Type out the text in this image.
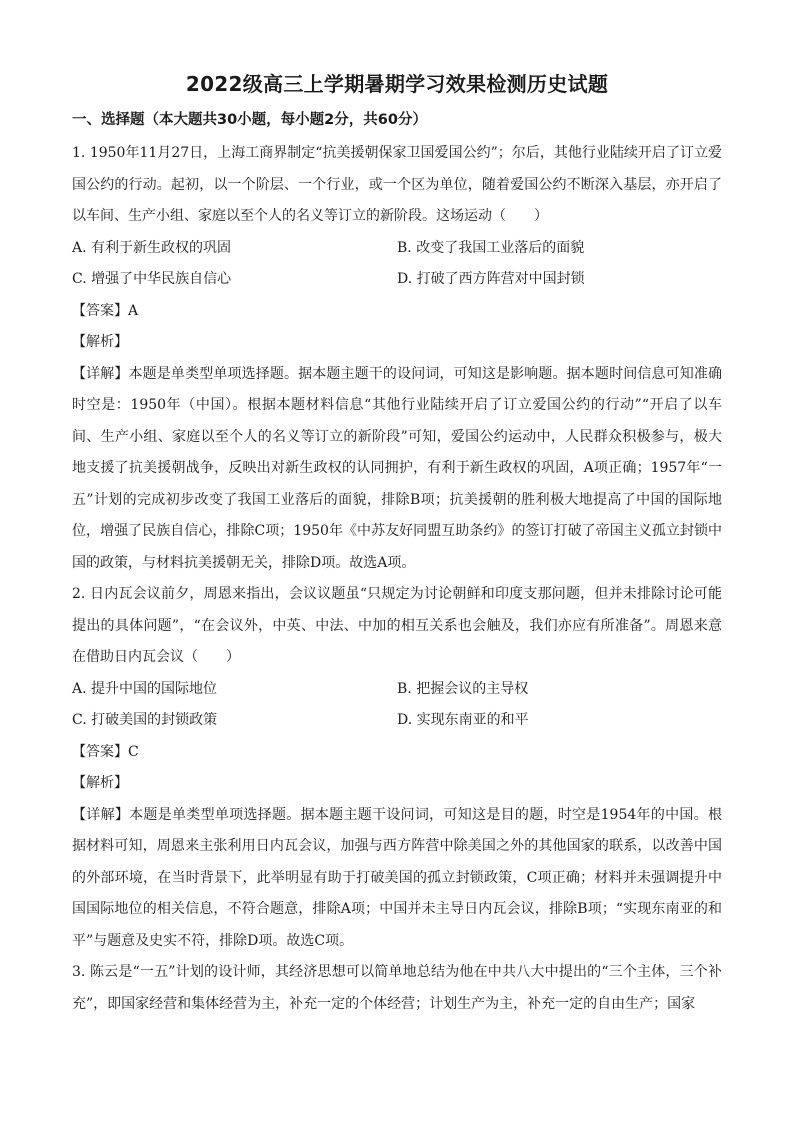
2022级高三上学期暑期学习效果检测历史试题
一、选择题（本大题共30小题，每小题2分，共60分）

1. 1950年11月27日，上海工商界制定“抗美援朝保家卫国爱国公约”；尔后，其他行业陆续开启了订立爱国公约的行动。起初，以一个阶层、一个行业，或一个区为单位，随着爱国公约不断深入基层，亦开启了以车间、生产小组、家庭以至个人的名义等订立的新阶段。这场运动（　　）

A. 有利于新生政权的巩固	B. 改变了我国工业落后的面貌
C. 增强了中华民族自信心	D. 打破了西方阵营对中国封锁

【答案】A

【解析】

【详解】本题是单类型单项选择题。据本题主题干的设问词，可知这是影响题。据本题时间信息可知准确时空是：1950年（中国）。根据本题材料信息“其他行业陆续开启了订立爱国公约的行动”“开启了以车间、生产小组、家庭以至个人的名义等订立的新阶段”可知，爱国公约运动中，人民群众积极参与，极大地支援了抗美援朝战争，反映出对新生政权的认同拥护，有利于新生政权的巩固，A项正确；1957年“一五”计划的完成初步改变了我国工业落后的面貌，排除B项；抗美援朝的胜利极大地提高了中国的国际地位，增强了民族自信心，排除C项；1950年《中苏友好同盟互助条约》的签订打破了帝国主义孤立封锁中国的政策，与材料抗美援朝无关，排除D项。故选A项。

2. 日内瓦会议前夕，周恩来指出，会议议题虽“只规定为讨论朝鲜和印度支那问题，但并未排除讨论可能提出的具体问题”，“在会议外，中英、中法、中加的相互关系也会触及，我们亦应有所准备”。周恩来意在借助日内瓦会议（　　）

A. 提升中国的国际地位	B. 把握会议的主导权
C. 打破美国的封锁政策	D. 实现东南亚的和平

【答案】C

【解析】

【详解】本题是单类型单项选择题。据本题主题干设问词，可知这是目的题，时空是1954年的中国。根据材料可知，周恩来主张利用日内瓦会议，加强与西方阵营中除美国之外的其他国家的联系，以改善中国的外部环境，在当时背景下，此举明显有助于打破美国的孤立封锁政策，C项正确；材料并未强调提升中国国际地位的相关信息，不符合题意，排除A项；中国并未主导日内瓦会议，排除B项；“实现东南亚的和平”与题意及史实不符，排除D项。故选C项。

3. 陈云是“一五”计划的设计师，其经济思想可以简单地总结为他在中共八大中提出的“三个主体，三个补充”，即国家经营和集体经营为主，补充一定的个体经营；计划生产为主，补充一定的自由生产；国家
